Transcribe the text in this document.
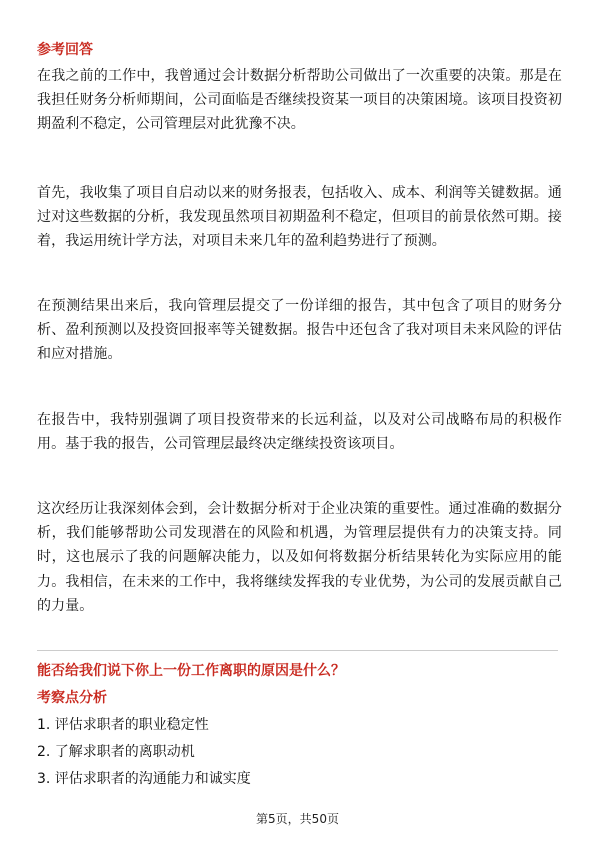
参考回答

在我之前的工作中，我曾通过会计数据分析帮助公司做出了一次重要的决策。那是在我担任财务分析师期间，公司面临是否继续投资某一项目的决策困境。该项目投资初期盈利不稳定，公司管理层对此犹豫不决。

首先，我收集了项目自启动以来的财务报表，包括收入、成本、利润等关键数据。通过对这些数据的分析，我发现虽然项目初期盈利不稳定，但项目的前景依然可期。接着，我运用统计学方法，对项目未来几年的盈利趋势进行了预测。

在预测结果出来后，我向管理层提交了一份详细的报告，其中包含了项目的财务分析、盈利预测以及投资回报率等关键数据。报告中还包含了我对项目未来风险的评估和应对措施。

在报告中，我特别强调了项目投资带来的长远利益，以及对公司战略布局的积极作用。基于我的报告，公司管理层最终决定继续投资该项目。

这次经历让我深刻体会到，会计数据分析对于企业决策的重要性。通过准确的数据分析，我们能够帮助公司发现潜在的风险和机遇，为管理层提供有力的决策支持。同时，这也展示了我的问题解决能力，以及如何将数据分析结果转化为实际应用的能力。我相信，在未来的工作中，我将继续发挥我的专业优势，为公司的发展贡献自己的力量。

能否给我们说下你上一份工作离职的原因是什么？
考察点分析
1. 评估求职者的职业稳定性
2. 了解求职者的离职动机
3. 评估求职者的沟通能力和诚实度
第5页，共50页
